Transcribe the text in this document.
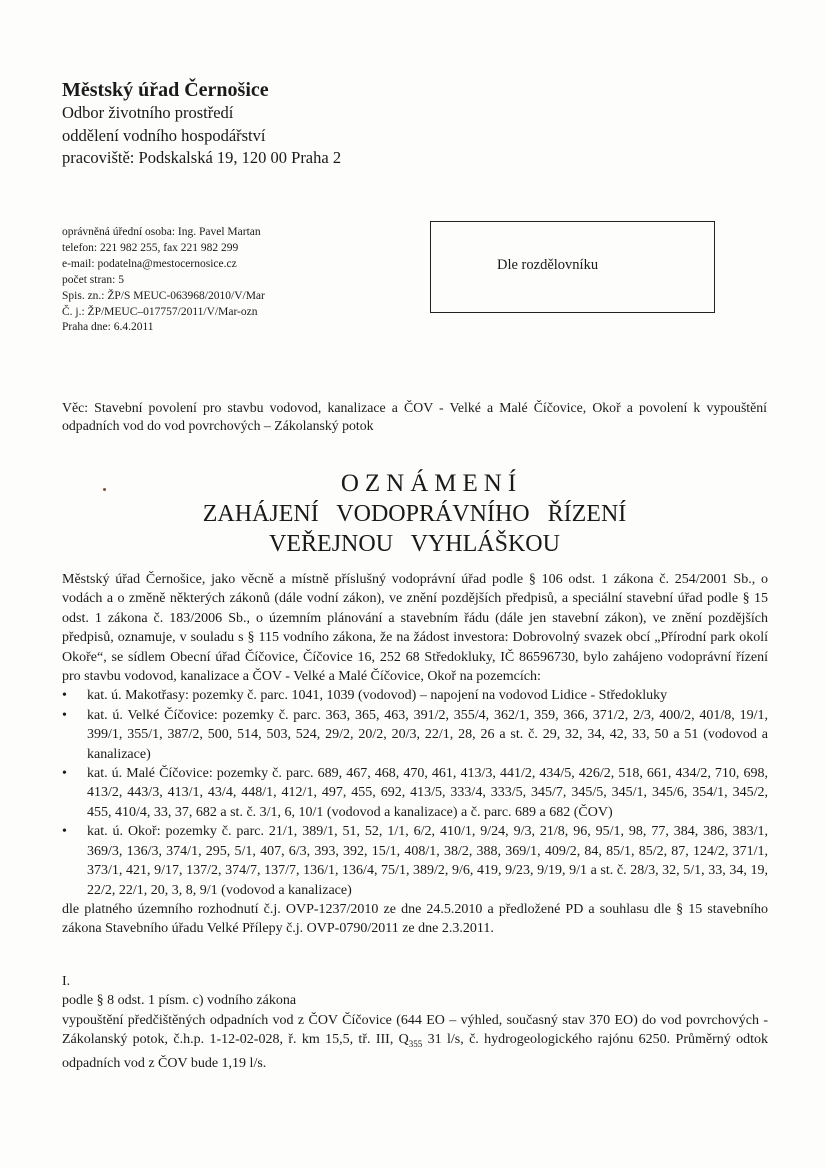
Městský úřad Černošice
Odbor životního prostředí
oddělení vodního hospodářství
pracoviště: Podskalská 19, 120 00 Praha 2
oprávněná úřední osoba: Ing. Pavel Martan
telefon: 221 982 255, fax 221 982 299
e-mail: podatelna@mestocernosice.cz
počet stran: 5
Spis. zn.: ŽP/S MEUC-063968/2010/V/Mar
Č. j.: ŽP/MEUC–017757/2011/V/Mar-ozn
Praha dne: 6.4.2011
Dle rozdělovníku
Věc: Stavební povolení pro stavbu vodovod, kanalizace a ČOV - Velké a Malé Číčovice, Okoř a povolení k vypouštění odpadních vod do vod povrchových – Zákolanský potok
OZNÁMENÍ
ZAHÁJENÍ VODOPRÁVNÍHO ŘÍZENÍ
VEŘEJNOU VYHLÁŠKOU

Městský úřad Černošice, jako věcně a místně příslušný vodoprávní úřad podle § 106 odst. 1 zákona č. 254/2001 Sb., o vodách a o změně některých zákonů (dále vodní zákon), ve znění pozdějších předpisů, a speciální stavební úřad podle § 15 odst. 1 zákona č. 183/2006 Sb., o územním plánování a stavebním řádu (dále jen stavební zákon), ve znění pozdějších předpisů, oznamuje, v souladu s § 115 vodního zákona, že na žádost investora: Dobrovolný svazek obcí „Přírodní park okolí Okoře“, se sídlem Obecní úřad Číčovice, Číčovice 16, 252 68 Středokluky, IČ 86596730, bylo zahájeno vodoprávní řízení pro stavbu vodovod, kanalizace a ČOV - Velké a Malé Číčovice, Okoř na pozemcích:

• kat. ú. Makotřasy: pozemky č. parc. 1041, 1039 (vodovod) – napojení na vodovod Lidice - Středokluky
• kat. ú. Velké Číčovice: pozemky č. parc. 363, 365, 463, 391/2, 355/4, 362/1, 359, 366, 371/2, 2/3, 400/2, 401/8, 19/1, 399/1, 355/1, 387/2, 500, 514, 503, 524, 29/2, 20/2, 20/3, 22/1, 28, 26 a st. č. 29, 32, 34, 42, 33, 50 a 51 (vodovod a kanalizace)
• kat. ú. Malé Číčovice: pozemky č. parc. 689, 467, 468, 470, 461, 413/3, 441/2, 434/5, 426/2, 518, 661, 434/2, 710, 698, 413/2, 443/3, 413/1, 43/4, 448/1, 412/1, 497, 455, 692, 413/5, 333/4, 333/5, 345/7, 345/5, 345/1, 345/6, 354/1, 345/2, 455, 410/4, 33, 37, 682 a st. č. 3/1, 6, 10/1 (vodovod a kanalizace) a č. parc. 689 a 682 (ČOV)
• kat. ú. Okoř: pozemky č. parc. 21/1, 389/1, 51, 52, 1/1, 6/2, 410/1, 9/24, 9/3, 21/8, 96, 95/1, 98, 77, 384, 386, 383/1, 369/3, 136/3, 374/1, 295, 5/1, 407, 6/3, 393, 392, 15/1, 408/1, 38/2, 388, 369/1, 409/2, 84, 85/1, 85/2, 87, 124/2, 371/1, 373/1, 421, 9/17, 137/2, 374/7, 137/7, 136/1, 136/4, 75/1, 389/2, 9/6, 419, 9/23, 9/19, 9/1 a st. č. 28/3, 32, 5/1, 33, 34, 19, 22/2, 22/1, 20, 3, 8, 9/1 (vodovod a kanalizace)

dle platného územního rozhodnutí č.j. OVP-1237/2010 ze dne 24.5.2010 a předložené PD a souhlasu dle § 15 stavebního zákona Stavebního úřadu Velké Přílepy č.j. OVP-0790/2011 ze dne 2.3.2011.

I.

podle § 8 odst. 1 písm. c) vodního zákona

vypouštění předčištěných odpadních vod z ČOV Číčovice (644 EO – výhled, současný stav 370 EO) do vod povrchových - Zákolanský potok, č.h.p. 1-12-02-028, ř. km 15,5, tř. III, $Q_{355}$ 31 l/s, č. hydrogeologického rajónu 6250. Průměrný odtok odpadních vod z ČOV bude 1,19 l/s.
